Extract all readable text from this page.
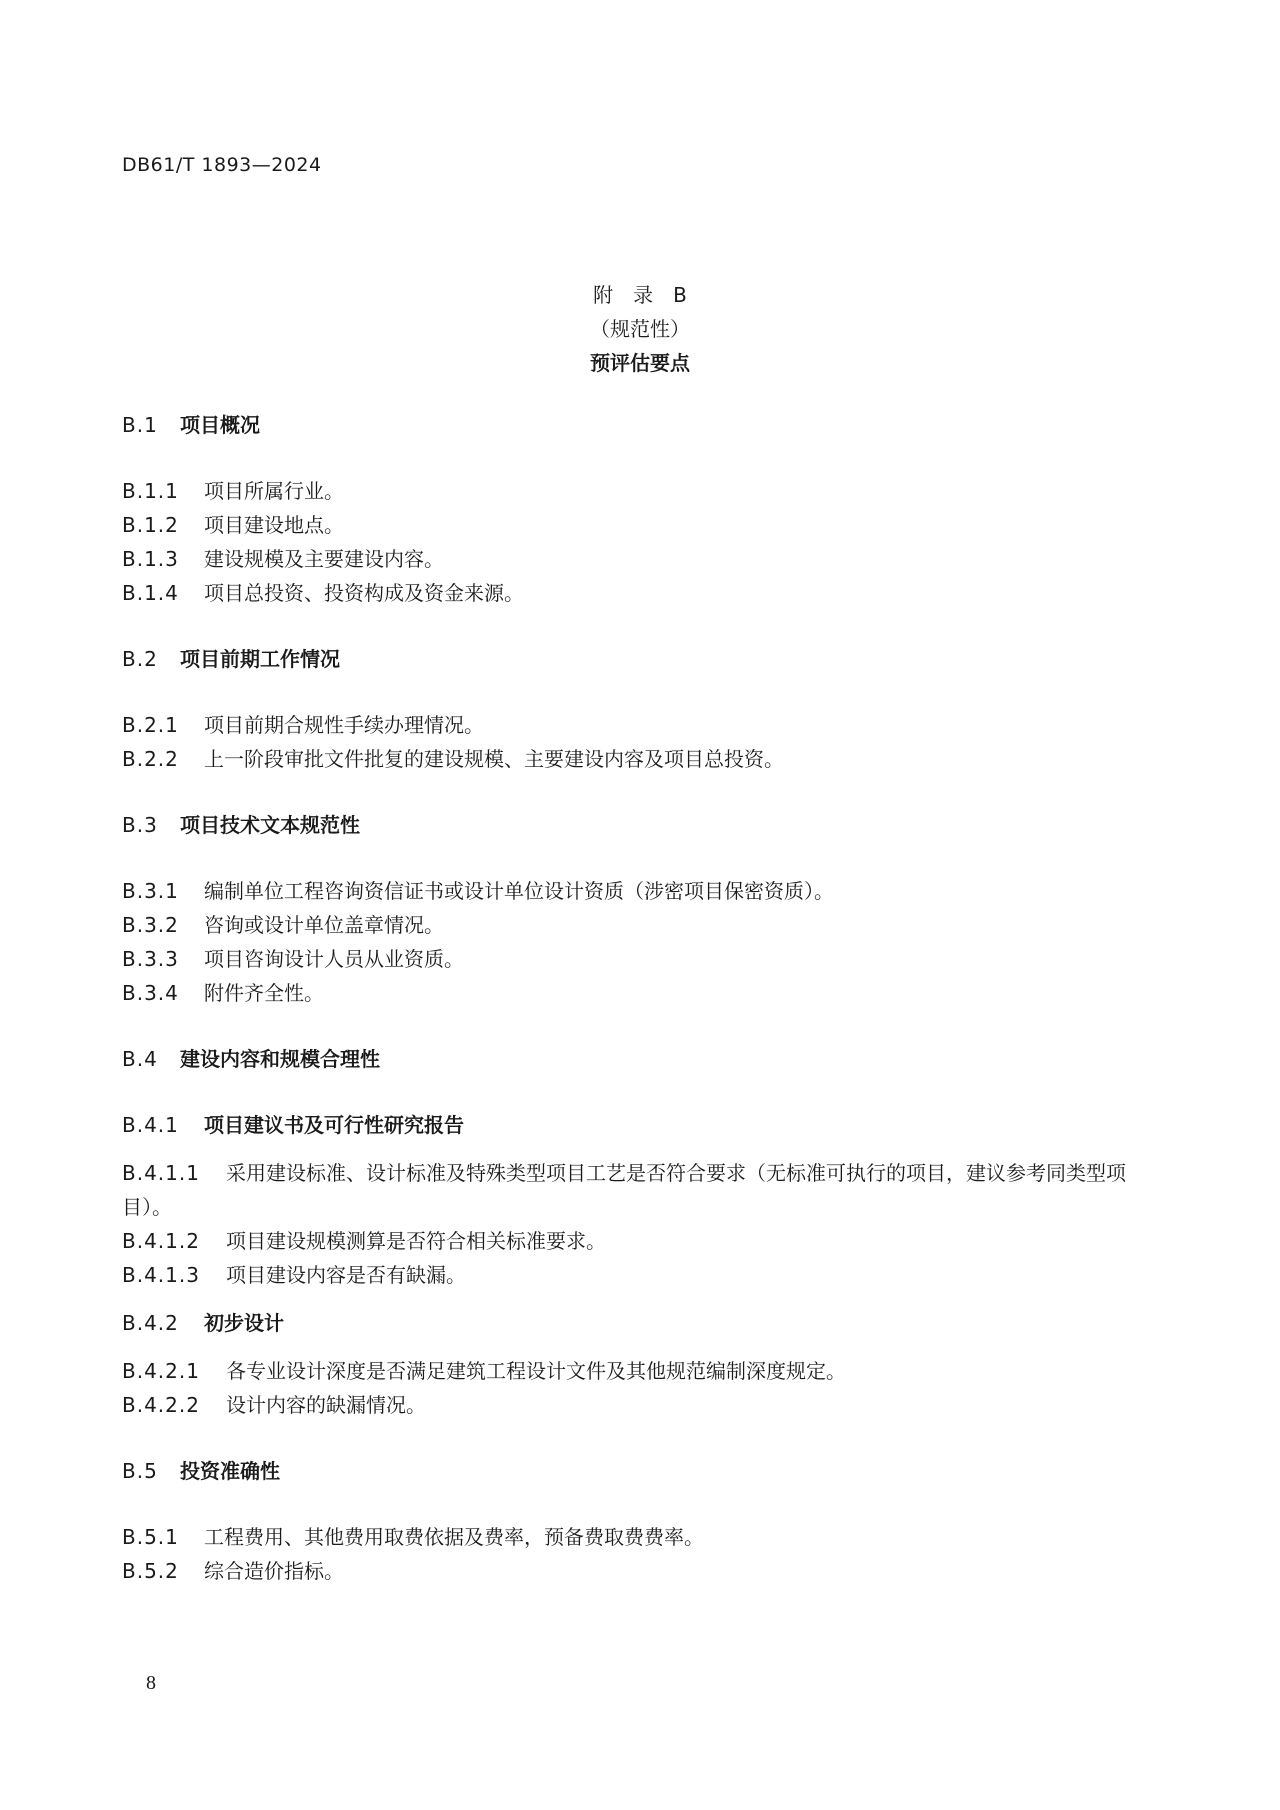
DB61/T 1893—2024
附　录　B
（规范性）
预评估要点
B.1 项目概况
B.1.1 项目所属行业。
B.1.2 项目建设地点。
B.1.3 建设规模及主要建设内容。
B.1.4 项目总投资、投资构成及资金来源。
B.2 项目前期工作情况
B.2.1 项目前期合规性手续办理情况。
B.2.2 上一阶段审批文件批复的建设规模、主要建设内容及项目总投资。
B.3 项目技术文本规范性
B.3.1 编制单位工程咨询资信证书或设计单位设计资质（涉密项目保密资质）。
B.3.2 咨询或设计单位盖章情况。
B.3.3 项目咨询设计人员从业资质。
B.3.4 附件齐全性。
B.4 建设内容和规模合理性
B.4.1 项目建议书及可行性研究报告
B.4.1.1 采用建设标准、设计标准及特殊类型项目工艺是否符合要求（无标准可执行的项目，建议参考同类型项目）。
B.4.1.2 项目建设规模测算是否符合相关标准要求。
B.4.1.3 项目建设内容是否有缺漏。
B.4.2 初步设计
B.4.2.1 各专业设计深度是否满足建筑工程设计文件及其他规范编制深度规定。
B.4.2.2 设计内容的缺漏情况。
B.5 投资准确性
B.5.1 工程费用、其他费用取费依据及费率，预备费取费费率。
B.5.2 综合造价指标。
8
